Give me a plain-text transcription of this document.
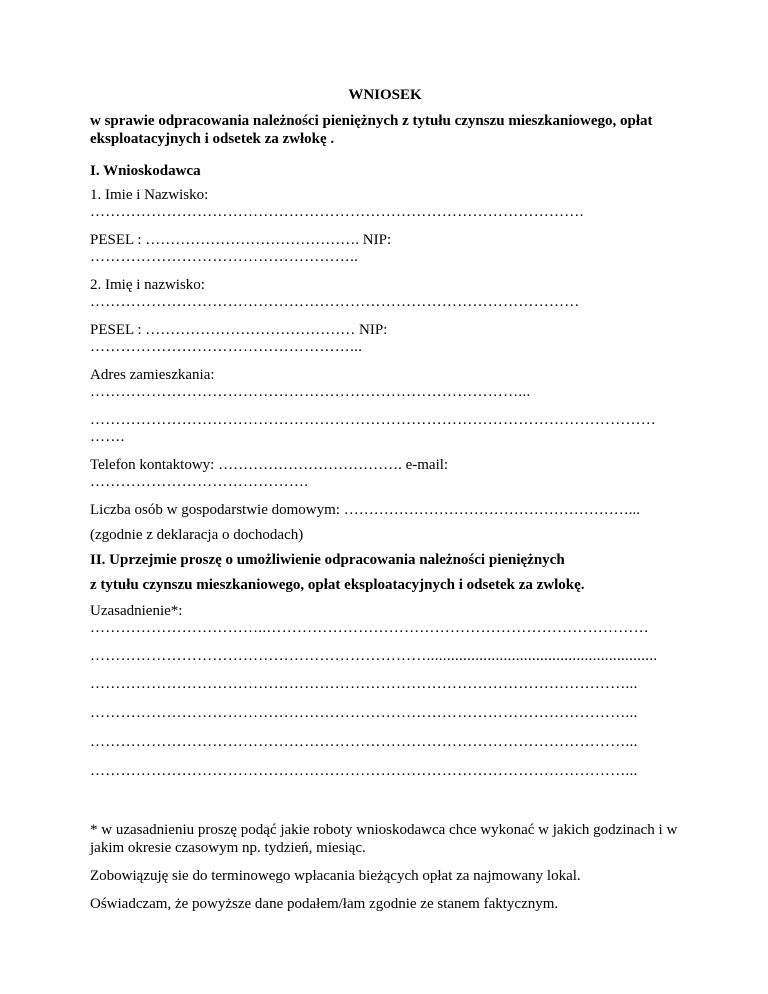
WNIOSEK
w sprawie odpracowania należności pieniężnych z tytułu czynszu mieszkaniowego, opłat eksploatacyjnych i odsetek za zwłokę .
I. Wnioskodawca
1. Imie i Nazwisko:
…………………………………………………………………………………….
PESEL : ……………………………………. NIP:
……………………………………………..
2. Imię i nazwisko:
……………………………………………………………………………………
PESEL : …………………………………… NIP:
……………………………………………...
Adres zamieszkania:
…………………………………………………………………………...
…………………………………………………………………………………………………
…….
Telefon kontaktowy: ………………………………. e-mail:
…………………………………….
Liczba osób w gospodarstwie domowym: …………………………………………………...
(zgodnie z deklaracja o dochodach)
II. Uprzejmie proszę o umożliwienie odpracowania należności pieniężnych
z tytułu czynszu mieszkaniowego, opłat eksploatacyjnych i odsetek za zwlokę.
Uzasadnienie*:
……………………………..…………………………………………………………………
………………………………………………………….........................................................
……………………………………………………………………………………………...
……………………………………………………………………………………………...
……………………………………………………………………………………………...
……………………………………………………………………………………………...
* w uzasadnieniu proszę podąć jakie roboty wnioskodawca chce wykonać w jakich godzinach i w jakim okresie czasowym np. tydzień, miesiąc.
Zobowiązuję sie do terminowego wpłacania bieżących opłat za najmowany lokal.
Oświadczam, że powyższe dane podałem/łam zgodnie ze stanem faktycznym.
